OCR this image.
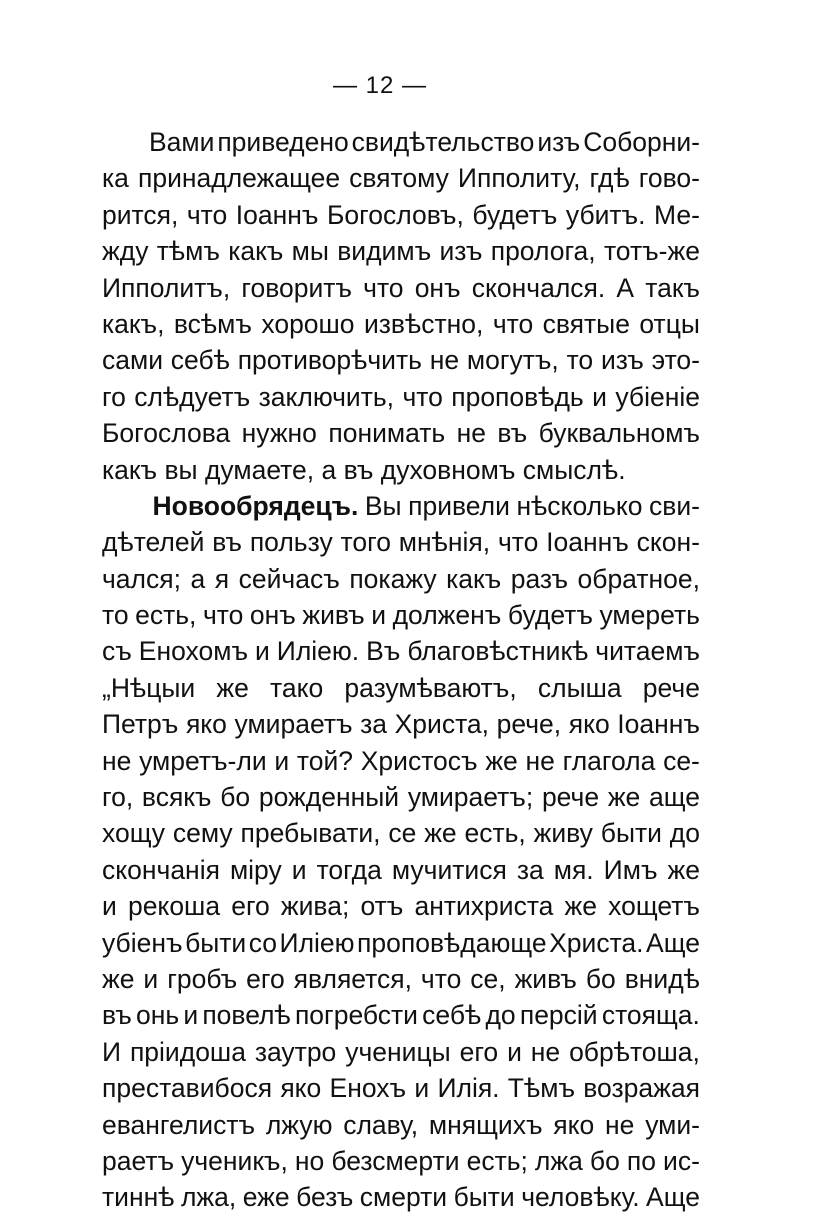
— 12 —
Вами приведено свидѣтельство изъ Соборни-
ка принадлежащее святому Ипполиту, гдѣ гово-
рится, что Іоаннъ Богословъ, будетъ убитъ. Ме-
жду тѣмъ какъ мы видимъ изъ пролога, тотъ-же
Ипполитъ, говоритъ что онъ скончался. А такъ
какъ, всѣмъ хорошо извѣстно, что святые отцы
сами себѣ противорѣчить не могутъ, то изъ это-
го слѣдуетъ заключить, что проповѣдь и убіеніе
Богослова нужно понимать не въ буквальномъ
какъ
вы
думаете,
а
въ
духовномъ
смыслѣ.
Новообрядецъ. Вы привели нѣсколько сви-
дѣтелей въ пользу того мнѣнія, что Іоаннъ скон-
чался; а я сейчасъ покажу какъ разъ обратное,
то есть, что онъ живъ и долженъ будетъ умереть
съ Енохомъ и Иліею. Въ благовѣстникѣ читаемъ
„Нѣцыи же тако разумѣваютъ, слыша рече
Петръ яко умираетъ за Христа, рече, яко Іоаннъ
не умретъ-ли и той? Христосъ же не глагола се-
го, всякъ бо рожденный умираетъ; рече же аще
хощу сему пребывати, се же есть, живу быти до
скончанія міру и тогда мучитися за мя. Имъ же
и рекоша его жива; отъ антихриста же хощетъ
убіенъ быти со Иліею проповѣдающе Христа. Аще
же и гробъ его является, что се, живъ бо внидѣ
въ онь и повелѣ погребсти себѣ до персій стояща.
И пріидоша заутро ученицы его и не обрѣтоша,
преставибося яко Енохъ и Илія. Тѣмъ возражая
евангелистъ лжую славу, мнящихъ яко не уми-
раетъ ученикъ, но безсмерти есть; лжа бо по ис-
тиннѣ лжа, еже безъ смерти быти человѣку. Аще
